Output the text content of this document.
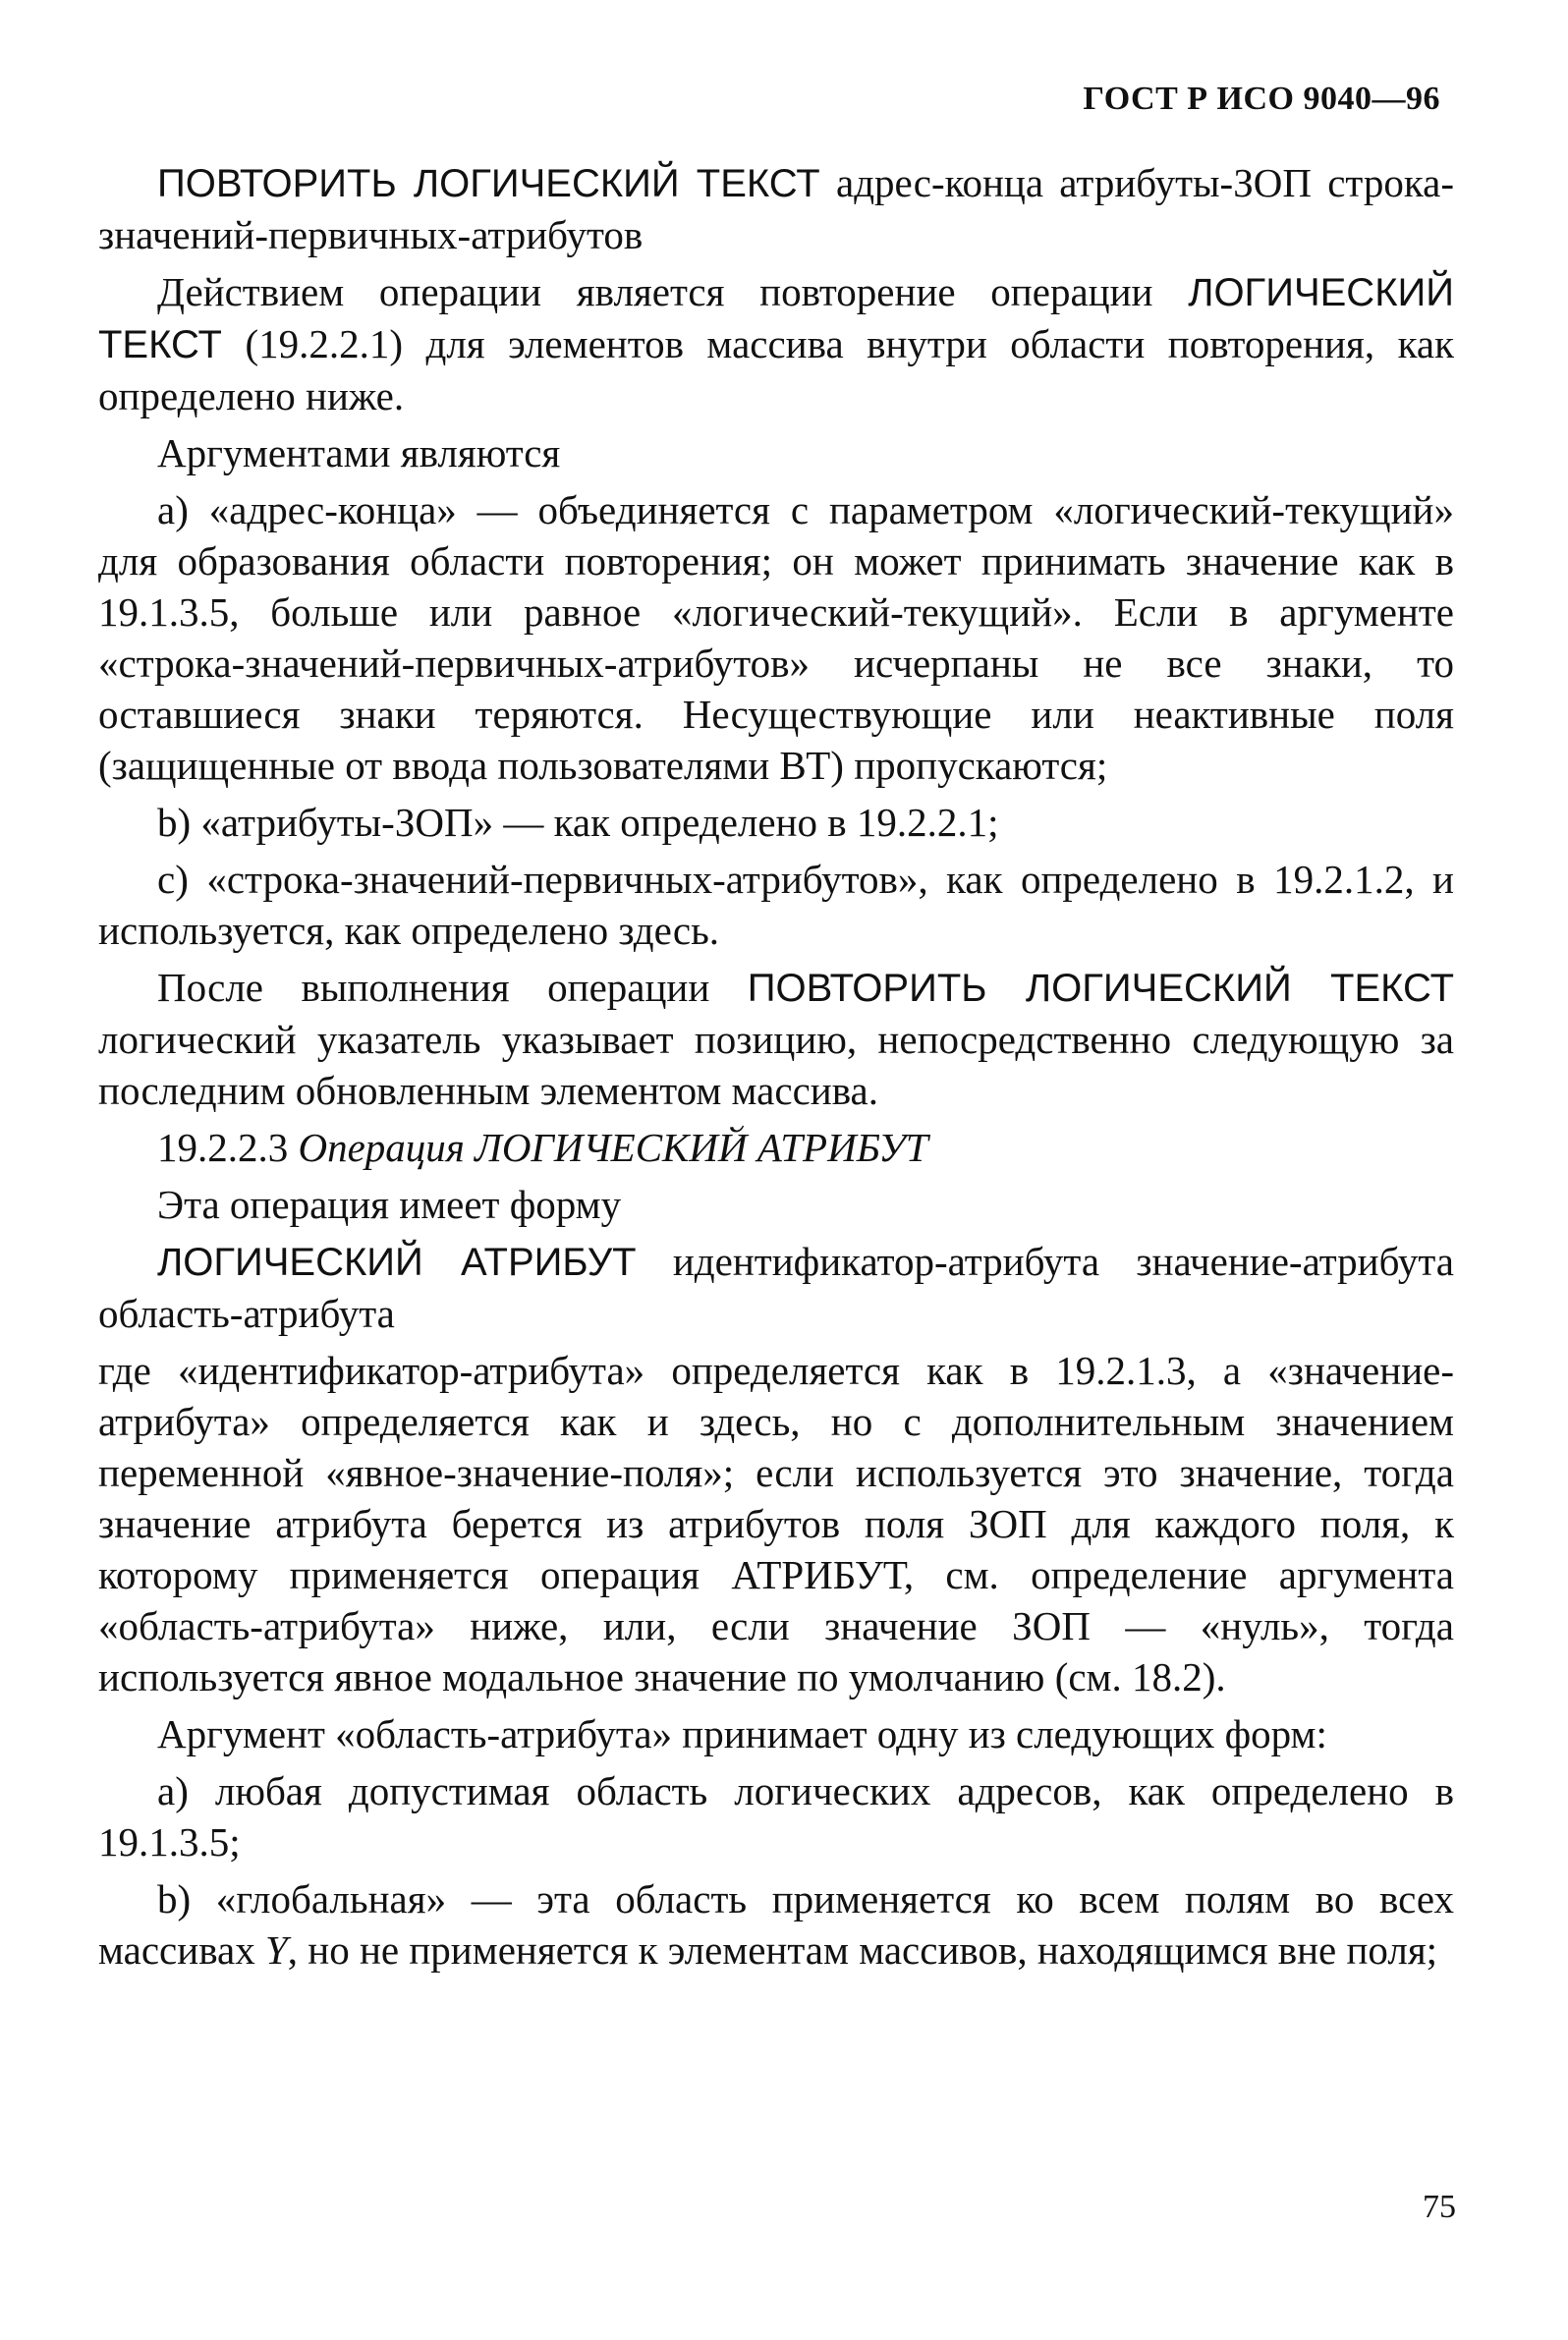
ГОСТ Р ИСО 9040—96

ПОВТОРИТЬ ЛОГИЧЕСКИЙ ТЕКСТ адрес-конца атрибуты-ЗОП строка-значений-первичных-атрибутов

Действием операции является повторение операции ЛОГИЧЕСКИЙ ТЕКСТ (19.2.2.1) для элементов массива внутри области повторения, как определено ниже.

Аргументами являются

a) «адрес-конца» — объединяется с параметром «логический-текущий» для образования области повторения; он может принимать значение как в 19.1.3.5, больше или равное «логический-текущий». Если в аргументе «строка-значений-первичных-атрибутов» исчерпаны не все знаки, то оставшиеся знаки теряются. Несуществующие или неактивные поля (защищенные от ввода пользователями ВТ) пропускаются;

b) «атрибуты-ЗОП» — как определено в 19.2.2.1;

c) «строка-значений-первичных-атрибутов», как определено в 19.2.1.2, и используется, как определено здесь.

После выполнения операции ПОВТОРИТЬ ЛОГИЧЕСКИЙ ТЕКСТ логический указатель указывает позицию, непосредственно следующую за последним обновленным элементом массива.

19.2.2.3 Операция ЛОГИЧЕСКИЙ АТРИБУТ

Эта операция имеет форму

ЛОГИЧЕСКИЙ АТРИБУТ идентификатор-атрибута значение-атрибута область-атрибута

где «идентификатор-атрибута» определяется как в 19.2.1.3, а «значение-атрибута» определяется как и здесь, но с дополнительным значением переменной «явное-значение-поля»; если используется это значение, тогда значение атрибута берется из атрибутов поля ЗОП для каждого поля, к которому применяется операция АТРИБУТ, см. определение аргумента «область-атрибута» ниже, или, если значение ЗОП — «нуль», тогда используется явное модальное значение по умолчанию (см. 18.2).

Аргумент «область-атрибута» принимает одну из следующих форм:

a) любая допустимая область логических адресов, как определено в 19.1.3.5;

b) «глобальная» — эта область применяется ко всем полям во всех массивах Y, но не применяется к элементам массивов, находящимся вне поля;

75
